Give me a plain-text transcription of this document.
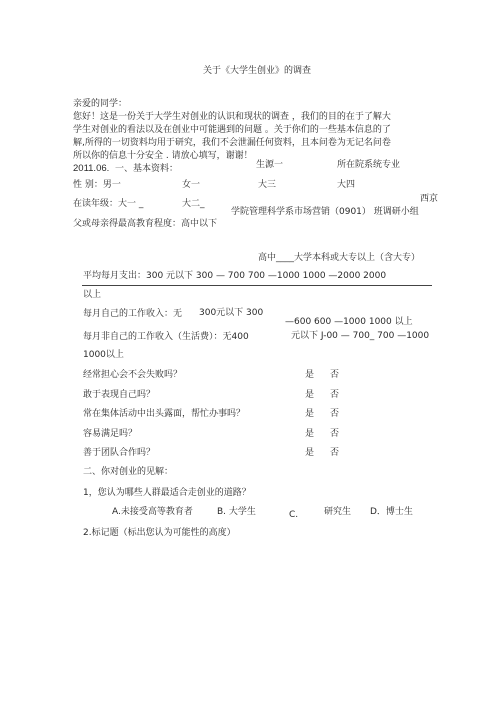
关于《大学生创业》的调查
亲爱的同学：
您好！这是一份关于大学生对创业的认识和现状的调查 ，我们的目的在于了解大
学生对创业的看法以及在创业中可能遇到的问题 。关于你们的一些基本信息的了
解,所得的一切资料均用于研究，我们不会泄漏任何资料，且本问卷为无记名问卷
所以你的信息十分安全 . 请放心填写，谢谢！
2011.06. 一、基本资料：	生源一	所在院系统专业
性 别：男一	女一	大三	大四
西京
在读年级：大一 _	大二_
学院管理科学系市场营销（0901） 班调研小组
父或母亲得最高教育程度：高中以下
高中____大学本科或大专以上（含大专）
平均每月支出：300 元以下 300 — 700 700 —1000 1000 —2000 2000
以上
每月自己的工作收入：无 300元以下 300
—600 600 —1000 1000 以上
每月非自己的工作收入（生活费）：无400	元以下 J-00 — 700_ 700 —1000
1000以上
经常担心会不会失败吗？	是 否
敢于表现自己吗？	是 否
常在集体活动中出头露面，帮忙办事吗？	是 否
容易满足吗？	是 否
善于团队合作吗？	是 否
二、你对创业的见解：
1，您认为哪些人群最适合走创业的道路？
A.未接受高等教育者	B. 大学生	C.	研究生 D．博士生
2.标记题（标出您认为可能性的高度）
